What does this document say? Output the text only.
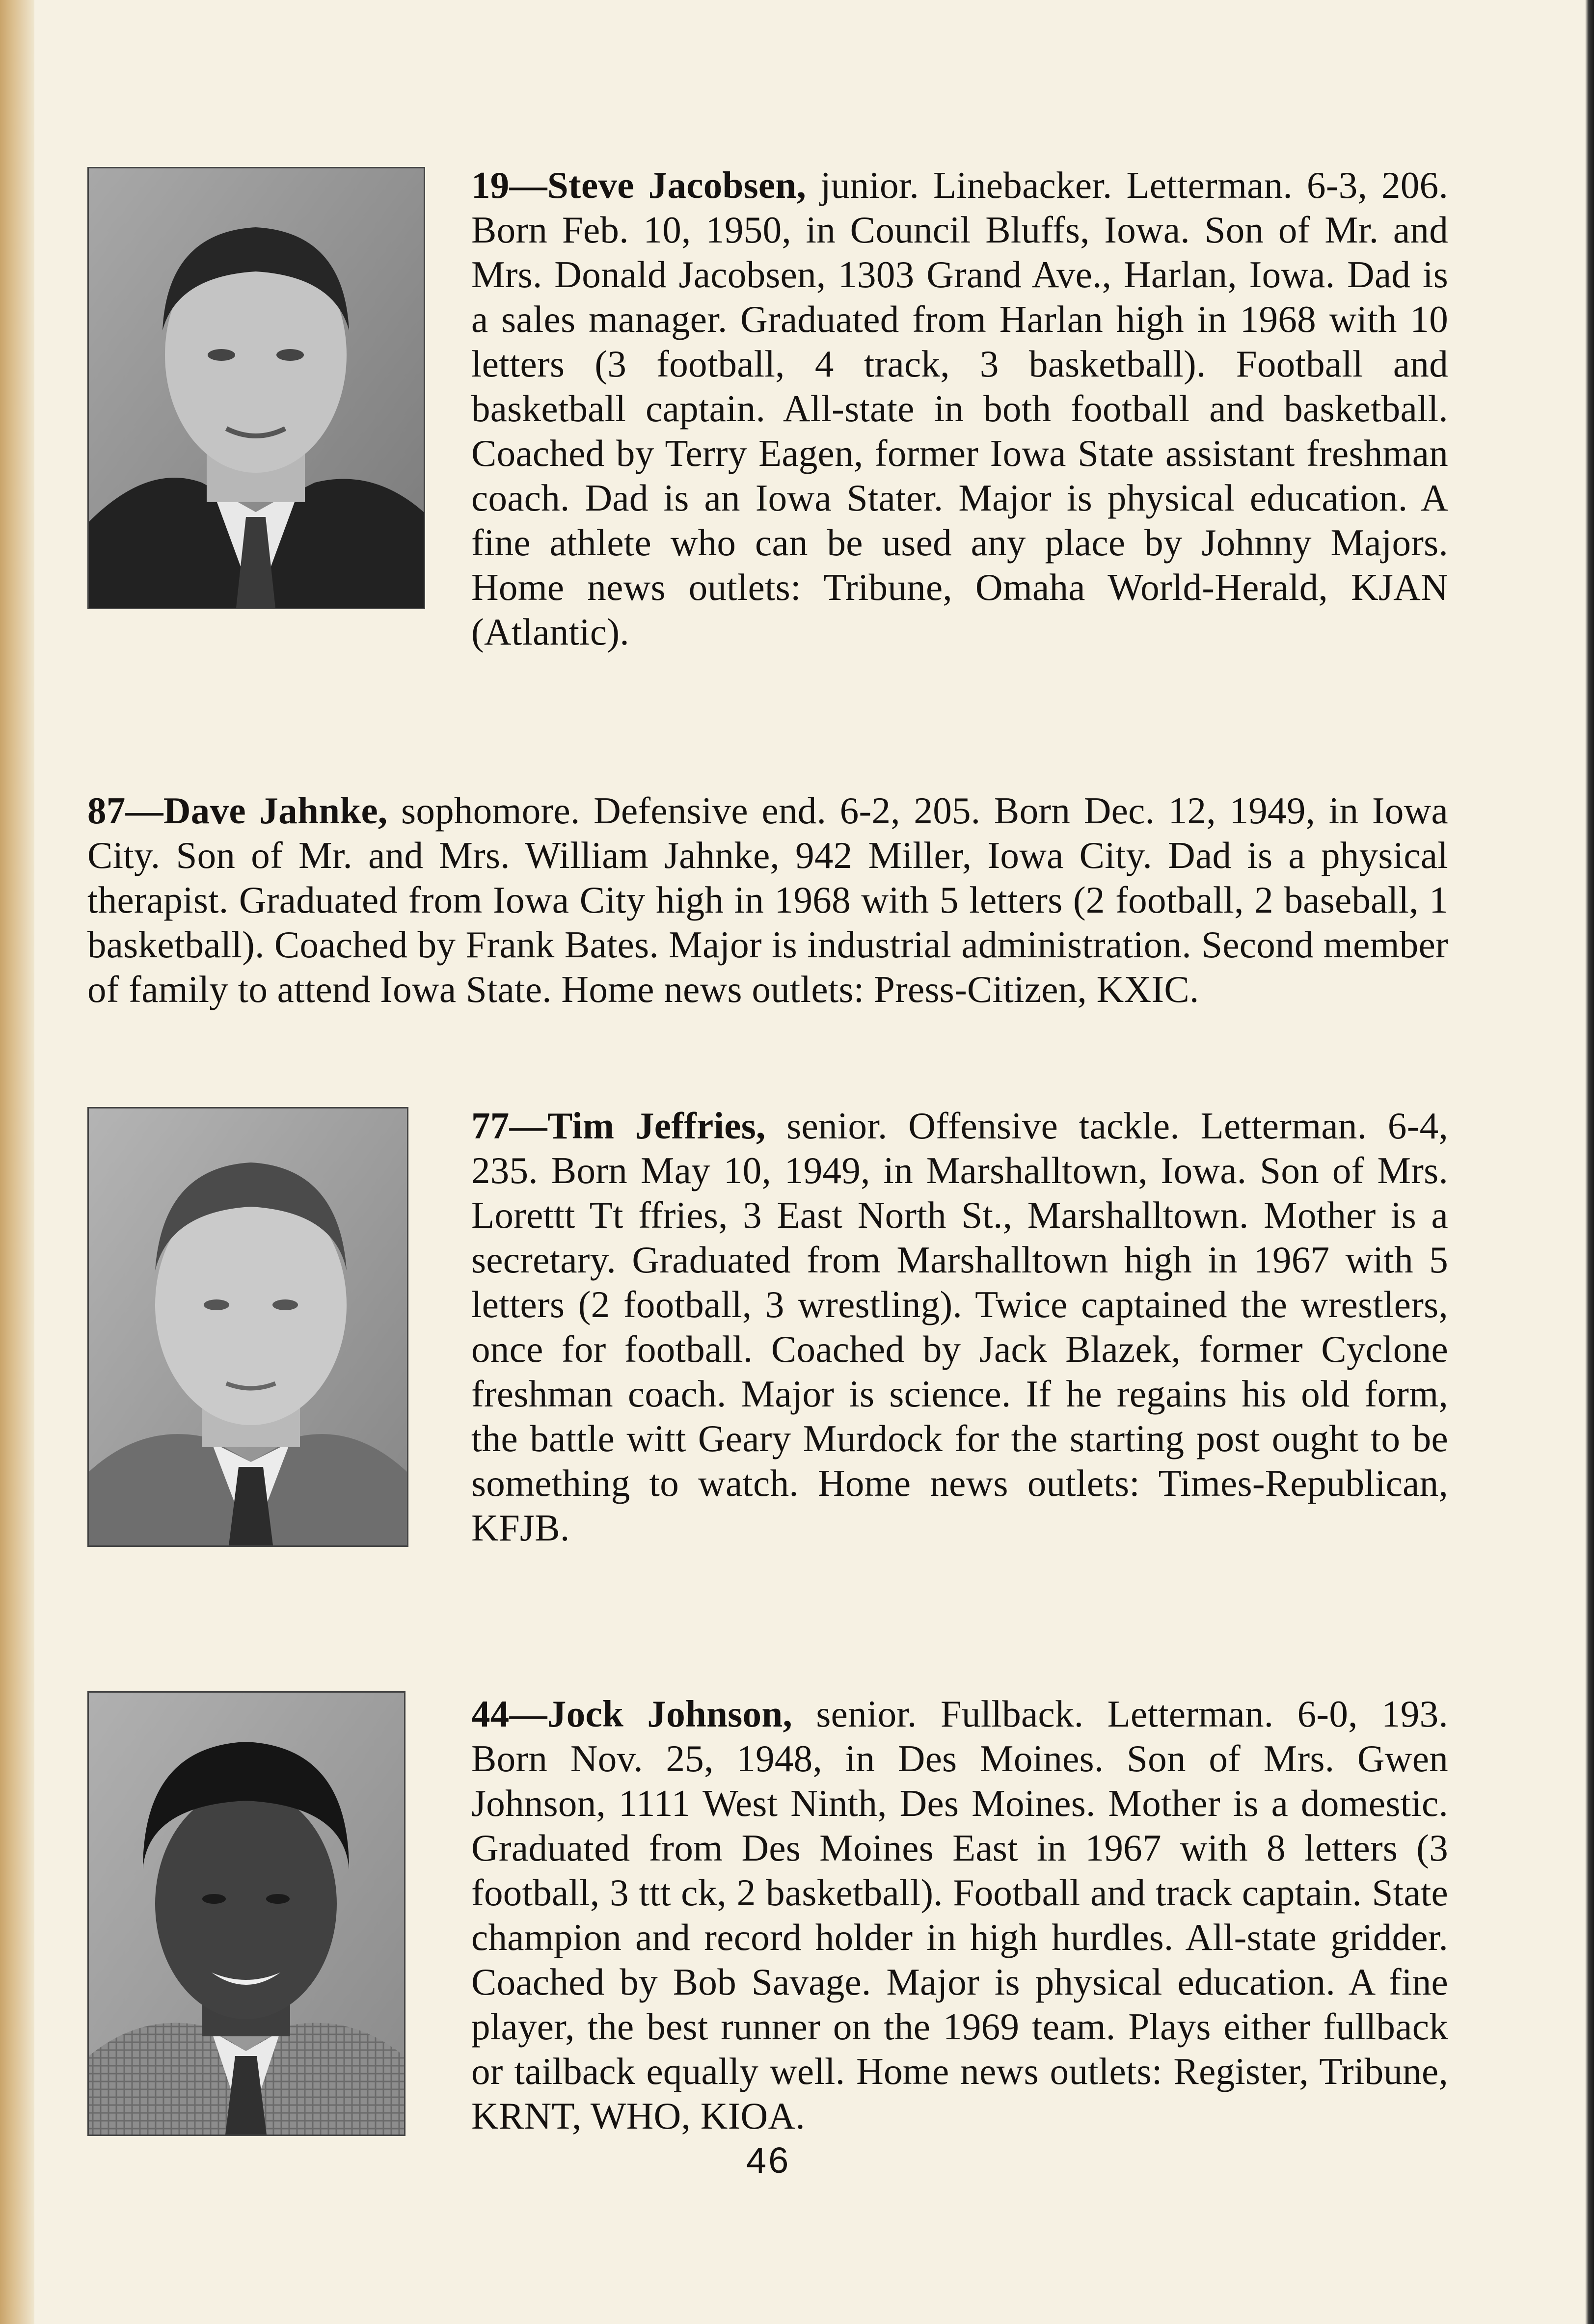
19—Steve Jacobsen, junior. Linebacker. Letterman. 6-3, 206. Born Feb. 10, 1950, in Council Bluffs, Iowa. Son of Mr. and Mrs. Donald Jacobsen, 1303 Grand Ave., Harlan, Iowa. Dad is a sales manager. Graduated from Harlan high in 1968 with 10 letters (3 football, 4 track, 3 basketball). Football and basketball captain. All-state in both football and basketball. Coached by Terry Eagen, former Iowa State assistant freshman coach. Dad is an Iowa Stater. Major is physical education. A fine athlete who can be used any place by Johnny Majors. Home news outlets: Tribune, Omaha World-Herald, KJAN (Atlantic).
87—Dave Jahnke, sophomore. Defensive end. 6-2, 205. Born Dec. 12, 1949, in Iowa City. Son of Mr. and Mrs. William Jahnke, 942 Miller, Iowa City. Dad is a physical therapist. Graduated from Iowa City high in 1968 with 5 letters (2 football, 2 baseball, 1 basketball). Coached by Frank Bates. Major is industrial administration. Second member of family to attend Iowa State. Home news outlets: Press-Citizen, KXIC.
77—Tim Jeffries, senior. Offensive tackle. Letterman. 6-4, 235. Born May 10, 1949, in Marshalltown, Iowa. Son of Mrs. Lorettt Tt ffries, 3 East North St., Marshalltown. Mother is a secretary. Graduated from Marshalltown high in 1967 with 5 letters (2 football, 3 wrestling). Twice captained the wrestlers, once for football. Coached by Jack Blazek, former Cyclone freshman coach. Major is science. If he regains his old form, the battle witt Geary Murdock for the starting post ought to be something to watch. Home news outlets: Times-Republican, KFJB.
44—Jock Johnson, senior. Fullback. Letterman. 6-0, 193. Born Nov. 25, 1948, in Des Moines. Son of Mrs. Gwen Johnson, 1111 West Ninth, Des Moines. Mother is a domestic. Graduated from Des Moines East in 1967 with 8 letters (3 football, 3 ttt ck, 2 basketball). Football and track captain. State champion and record holder in high hurdles. All-state gridder. Coached by Bob Savage. Major is physical education. A fine player, the best runner on the 1969 team. Plays either fullback or tailback equally well. Home news outlets: Register, Tribune, KRNT, WHO, KIOA.
46
